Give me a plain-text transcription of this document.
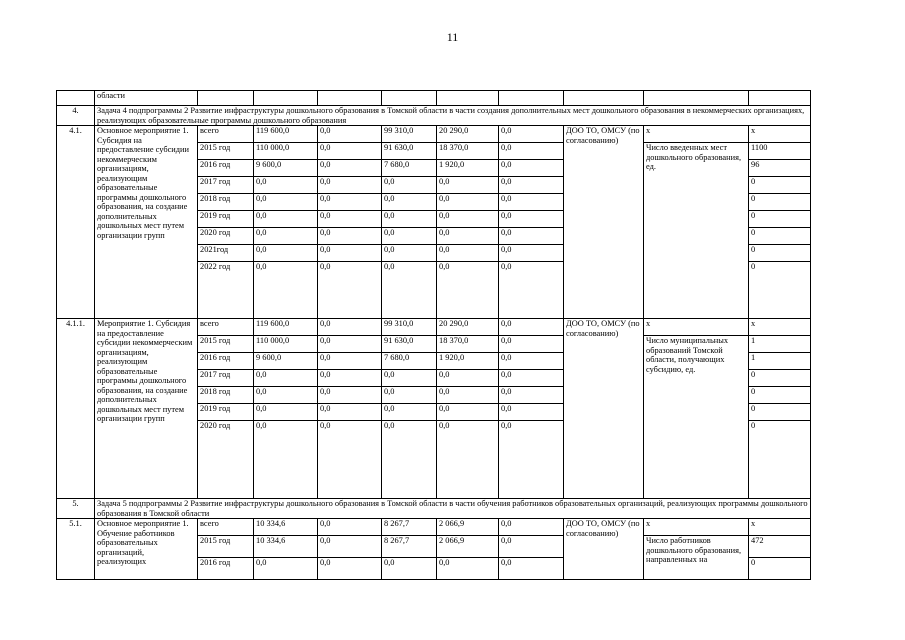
11
	области									
4.	Задача 4 подпрограммы 2 Развитие инфраструктуры дошкольного образования в Томской области в части создания дополнительных мест дошкольного образования в некоммерческих организациях, реализующих образовательные программы дошкольного образования									
4.1.	Основное мероприятие 1. Субсидия на предоставление субсидии некоммерческим организациям, реализующим образовательные программы дошкольного образования, на создание дополнительных дошкольных мест путем организации групп	всего	119 600,0	0,0	99 310,0	20 290,0	0,0	ДОО ТО, ОМСУ (по согласованию)	x	x
		2015 год	110 000,0	0,0	91 630,0	18 370,0	0,0		Число введенных мест дошкольного образования, ед.	1100
		2016 год	9 600,0	0,0	7 680,0	1 920,0	0,0			96
		2017 год	0,0	0,0	0,0	0,0	0,0			0
		2018 год	0,0	0,0	0,0	0,0	0,0			0
		2019 год	0,0	0,0	0,0	0,0	0,0			0
		2020 год	0,0	0,0	0,0	0,0	0,0			0
		2021год	0,0	0,0	0,0	0,0	0,0			0
		2022 год	0,0	0,0	0,0	0,0	0,0			0
4.1.1.	Мероприятие 1. Субсидия на предоставление субсидии некоммерческим организациям, реализующим образовательные программы дошкольного образования, на создание дополнительных дошкольных мест путем организации групп	всего	119 600,0	0,0	99 310,0	20 290,0	0,0	ДОО ТО, ОМСУ (по согласованию)	x	x
		2015 год	110 000,0	0,0	91 630,0	18 370,0	0,0		Число муниципальных образований Томской области, получающих субсидию, ед.	1
		2016 год	9 600,0	0,0	7 680,0	1 920,0	0,0			1
		2017 год	0,0	0,0	0,0	0,0	0,0			0
		2018 год	0,0	0,0	0,0	0,0	0,0			0
		2019 год	0,0	0,0	0,0	0,0	0,0			0
		2020 год	0,0	0,0	0,0	0,0	0,0			0
5.	Задача 5 подпрограммы 2 Развитие инфраструктуры дошкольного образования в Томской области в части обучения работников образовательных организаций, реализующих программы дошкольного образования в Томской области									
5.1.	Основное мероприятие 1. Обучение работников образовательных организаций, реализующих	всего	10 334,6	0,0	8 267,7	2 066,9	0,0	ДОО ТО, ОМСУ (по согласованию)	x	x
		2015 год	10 334,6	0,0	8 267,7	2 066,9	0,0		Число работников дошкольного образования, направленных на	472
		2016 год	0,0	0,0	0,0	0,0	0,0			0
